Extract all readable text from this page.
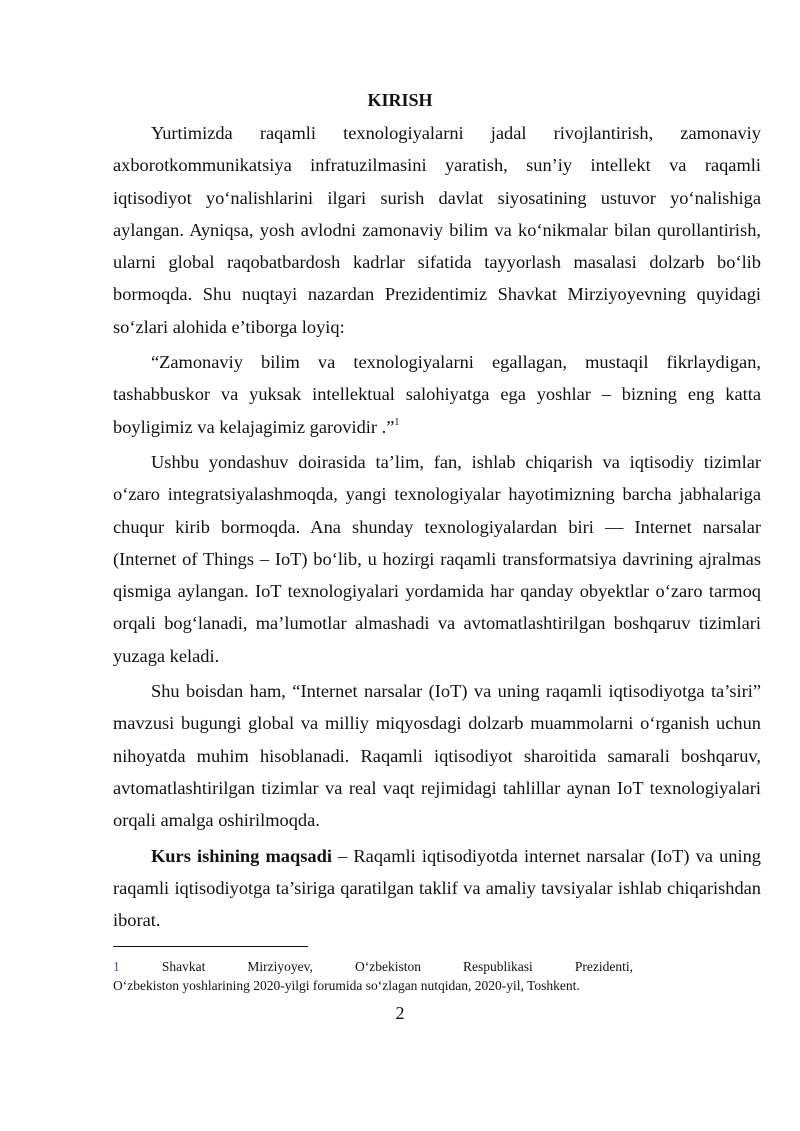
KIRISH

Yurtimizda raqamli texnologiyalarni jadal rivojlantirish, zamonaviy axborotkommunikatsiya infratuzilmasini yaratish, sun’iy intellekt va raqamli iqtisodiyot yo‘nalishlarini ilgari surish davlat siyosatining ustuvor yo‘nalishiga aylangan. Ayniqsa, yosh avlodni zamonaviy bilim va ko‘nikmalar bilan qurollantirish, ularni global raqobatbardosh kadrlar sifatida tayyorlash masalasi dolzarb bo‘lib bormoqda. Shu nuqtayi nazardan Prezidentimiz Shavkat Mirziyoyevning quyidagi so‘zlari alohida e’tiborga loyiq:

“Zamonaviy bilim va texnologiyalarni egallagan, mustaqil fikrlaydigan, tashabbuskor va yuksak intellektual salohiyatga ega yoshlar – bizning eng katta boyligimiz va kelajagimiz garovidir .”$^1$

Ushbu yondashuv doirasida ta’lim, fan, ishlab chiqarish va iqtisodiy tizimlar o‘zaro integratsiyalashmoqda, yangi texnologiyalar hayotimizning barcha jabhalariga chuqur kirib bormoqda. Ana shunday texnologiyalardan biri — Internet narsalar (Internet of Things – IoT) bo‘lib, u hozirgi raqamli transformatsiya davrining ajralmas qismiga aylangan. IoT texnologiyalari yordamida har qanday obyektlar o‘zaro tarmoq orqali bog‘lanadi, ma’lumotlar almashadi va avtomatlashtirilgan boshqaruv tizimlari yuzaga keladi.

Shu boisdan ham, “Internet narsalar (IoT) va uning raqamli iqtisodiyotga ta’siri” mavzusi bugungi global va milliy miqyosdagi dolzarb muammolarni o‘rganish uchun nihoyatda muhim hisoblanadi. Raqamli iqtisodiyot sharoitida samarali boshqaruv, avtomatlashtirilgan tizimlar va real vaqt rejimidagi tahlillar aynan IoT texnologiyalari orqali amalga oshirilmoqda.

Kurs ishining maqsadi – Raqamli iqtisodiyotda internet narsalar (IoT) va uning raqamli iqtisodiyotga ta’siriga qaratilgan taklif va amaliy tavsiyalar ishlab chiqarishdan iborat.

1 Shavkat Mirziyoyev, O‘zbekiston Respublikasi Prezidenti,
O‘zbekiston yoshlarining 2020-yilgi forumida so‘zlagan nutqidan, 2020-yil, Toshkent.
2
